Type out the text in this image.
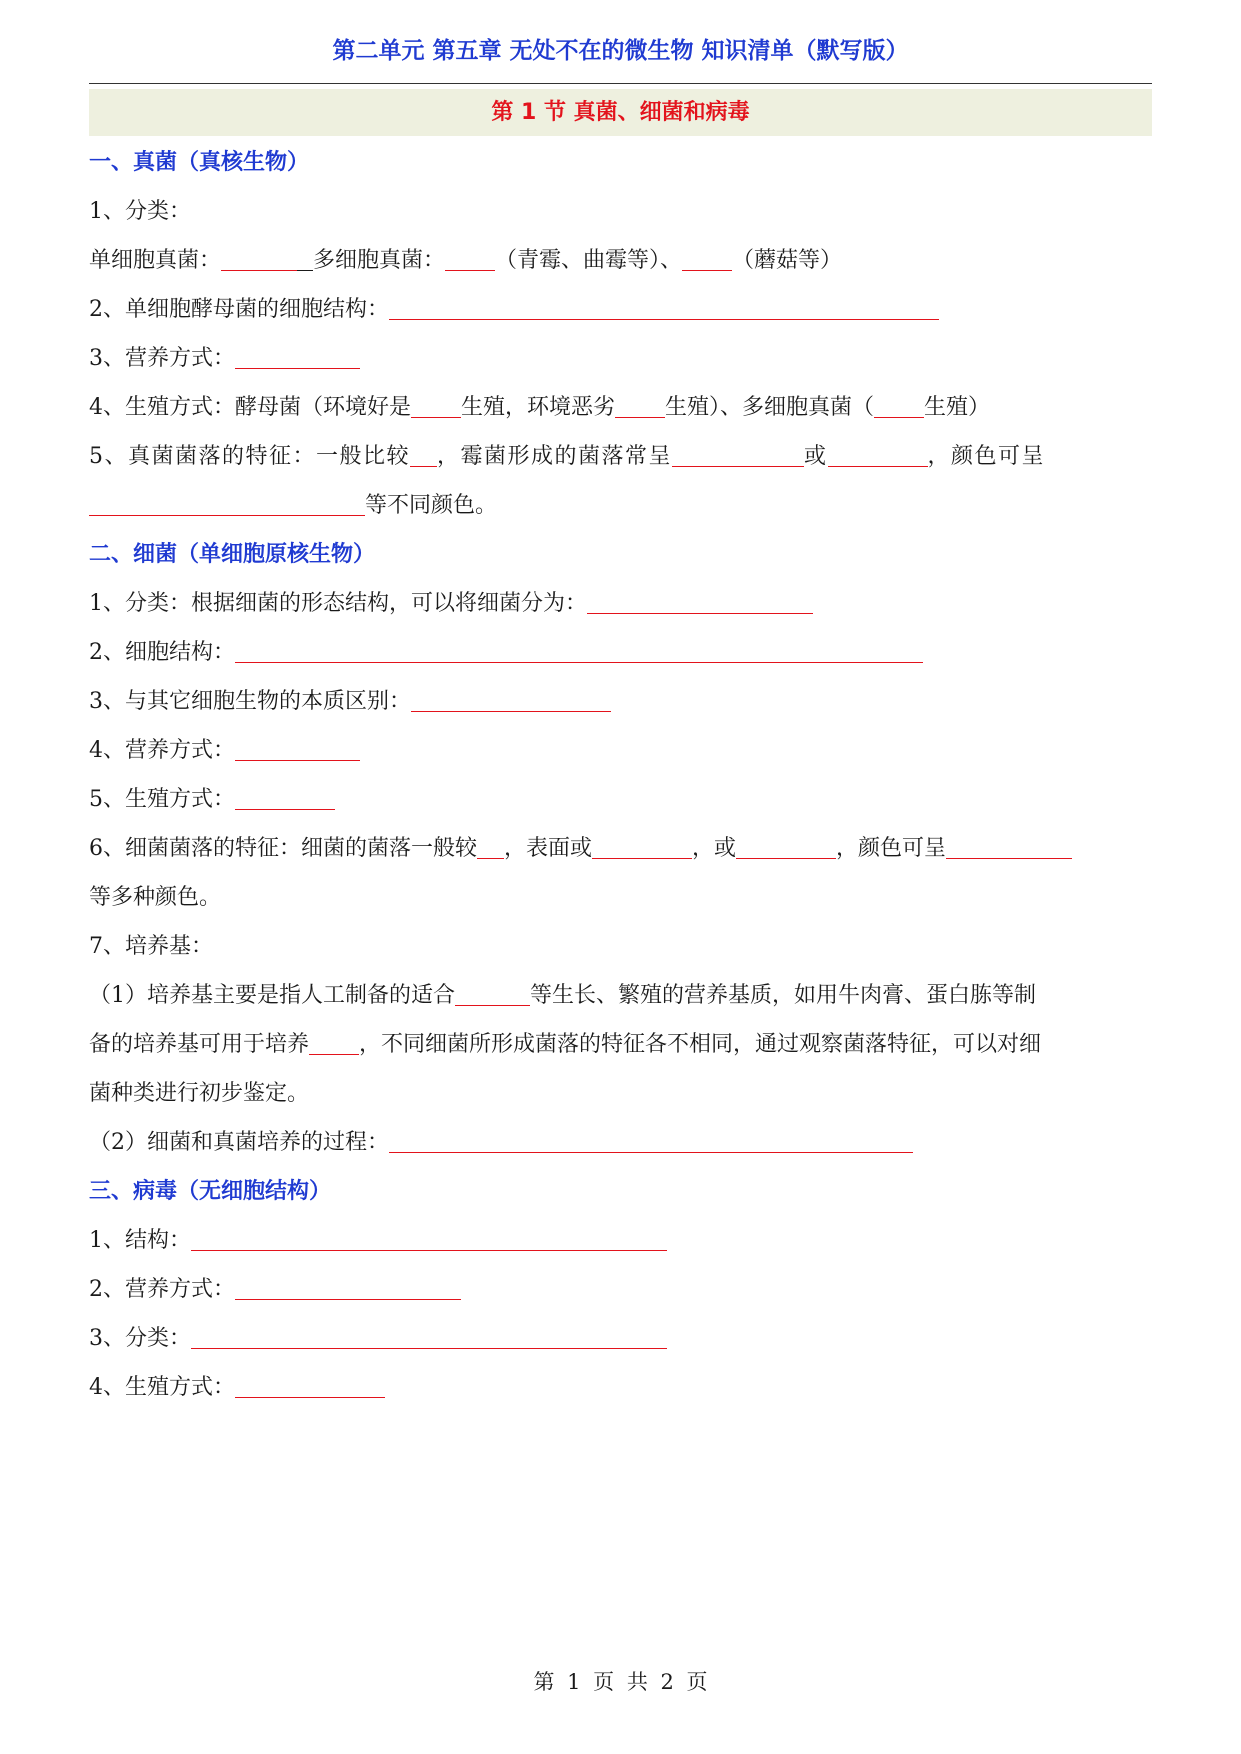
第二单元 第五章 无处不在的微生物 知识清单（默写版）
第 1 节 真菌、细菌和病毒
一、真菌（真核生物）
1、分类：
单细胞真菌：	多细胞真菌： （青霉、曲霉等）、 （蘑菇等）
2、单细胞酵母菌的细胞结构：
3、营养方式：
4、生殖方式：酵母菌（环境好是 生殖，环境恶劣 生殖）、多细胞真菌（ 生殖）
5、真菌菌落的特征：一般比较 ，霉菌形成的菌落常呈	或	，颜色可呈
等不同颜色。
二、细菌（单细胞原核生物）
1、分类：根据细菌的形态结构，可以将细菌分为：
2、细胞结构：
3、与其它细胞生物的本质区别：
4、营养方式：
5、生殖方式：
6、细菌菌落的特征：细菌的菌落一般较 ，表面或	，或	，颜色可呈
等多种颜色。
7、培养基：
（1）培养基主要是指人工制备的适合	等生长、繁殖的营养基质，如用牛肉膏、蛋白胨等制
备的培养基可用于培养 ，不同细菌所形成菌落的特征各不相同，通过观察菌落特征，可以对细
菌种类进行初步鉴定。
（2）细菌和真菌培养的过程：
三、病毒（无细胞结构）
1、结构：
2、营养方式：
3、分类：
4、生殖方式：
第 1 页 共 2 页
